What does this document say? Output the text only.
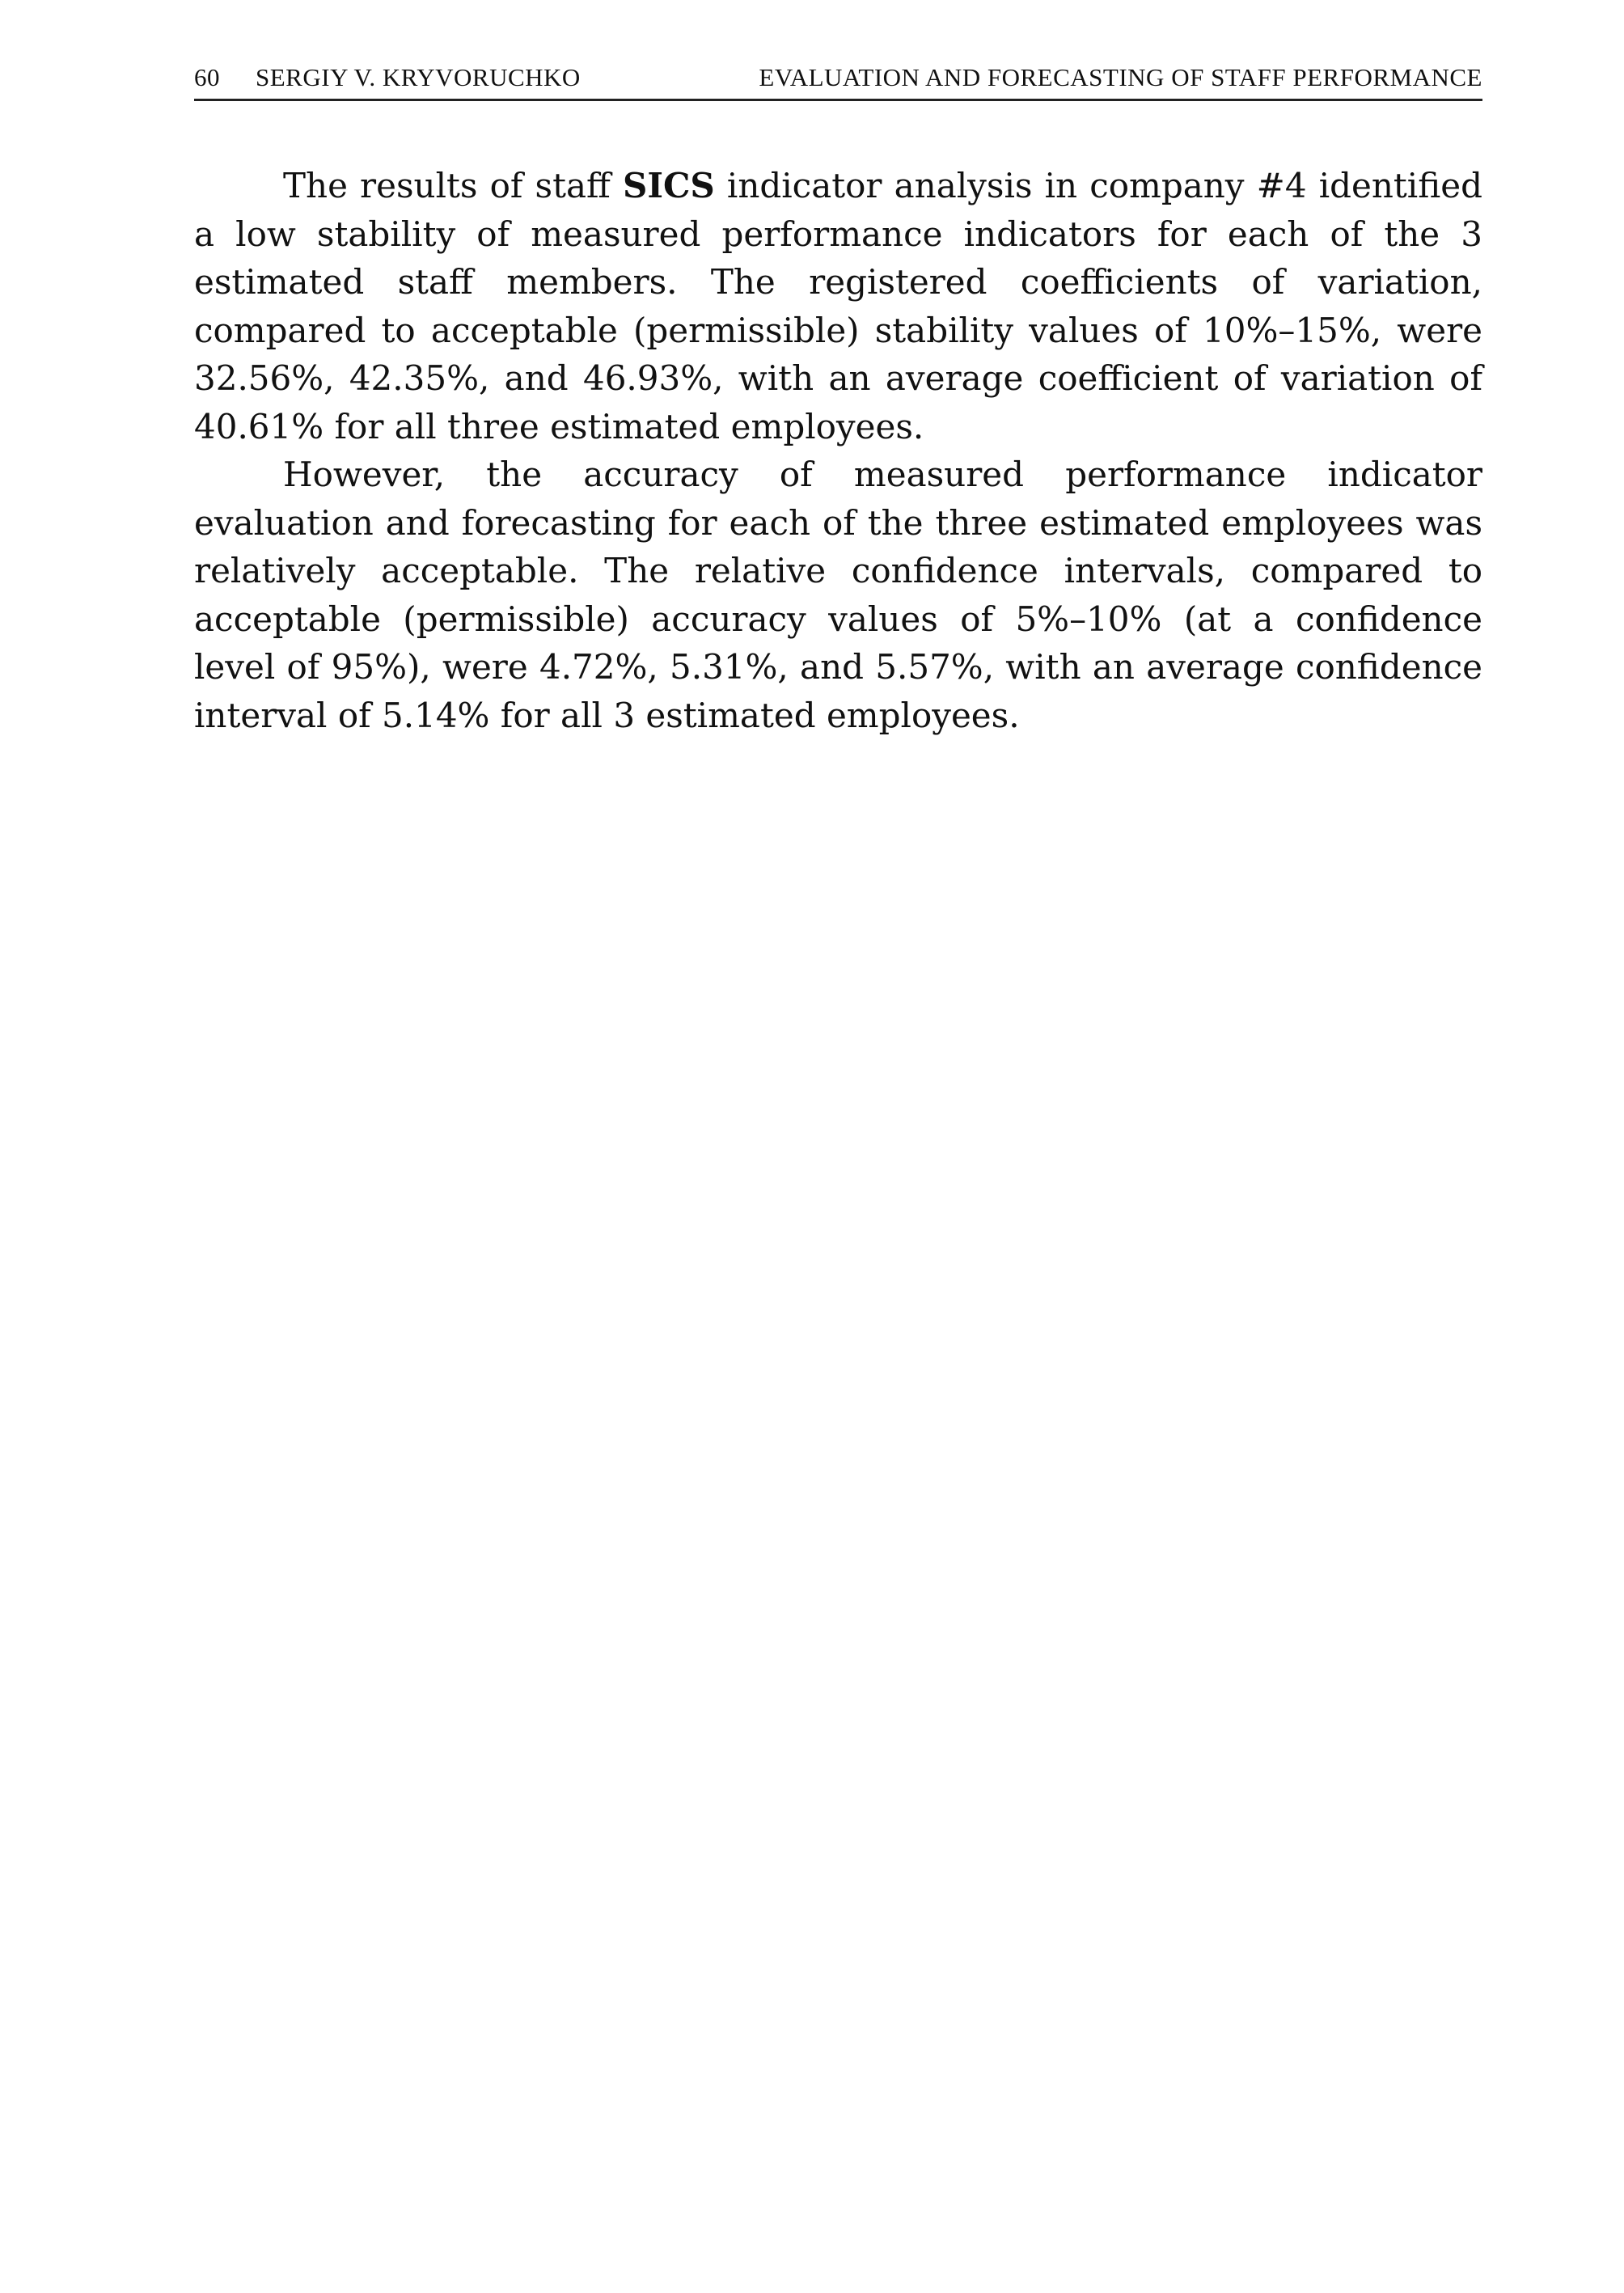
60 SERGIY V. KRYVORUCHKO	EVALUATION AND FORECASTING OF STAFF PERFORMANCE

The results of staff SICS indicator analysis in company #4 identified a low stability of measured performance indicators for each of the 3 estimated staff members. The registered coefficients of variation, compared to acceptable (permissible) stability values of 10%–15%, were 32.56%, 42.35%, and 46.93%, with an average coefficient of variation of 40.61% for all three estimated employees.

However, the accuracy of measured performance indicator evaluation and forecasting for each of the three estimated employees was relatively acceptable. The relative confidence intervals, compared to acceptable (permissible) accuracy values of 5%–10% (at a confidence level of 95%), were 4.72%, 5.31%, and 5.57%, with an average confidence interval of 5.14% for all 3 estimated employees.
